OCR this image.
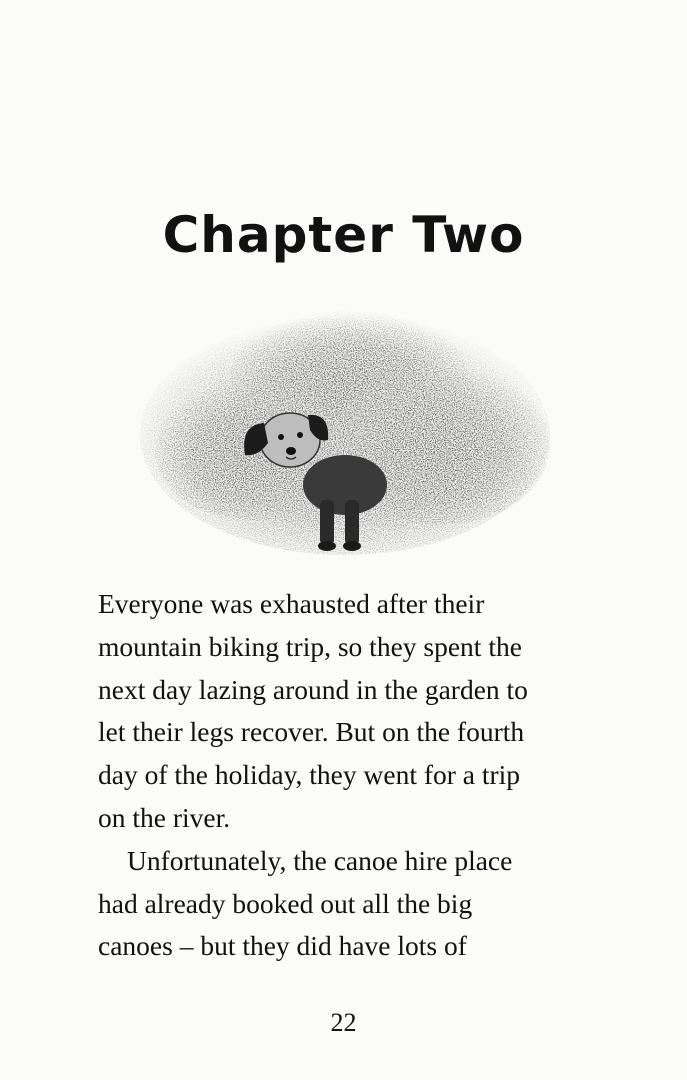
Chapter Two

Everyone was exhausted after their
mountain biking trip, so they spent the
next day lazing around in the garden to
let their legs recover. But on the fourth
day of the holiday, they went for a trip
on the river.

Unfortunately, the canoe hire place
had already booked out all the big
canoes – but they did have lots of

22
